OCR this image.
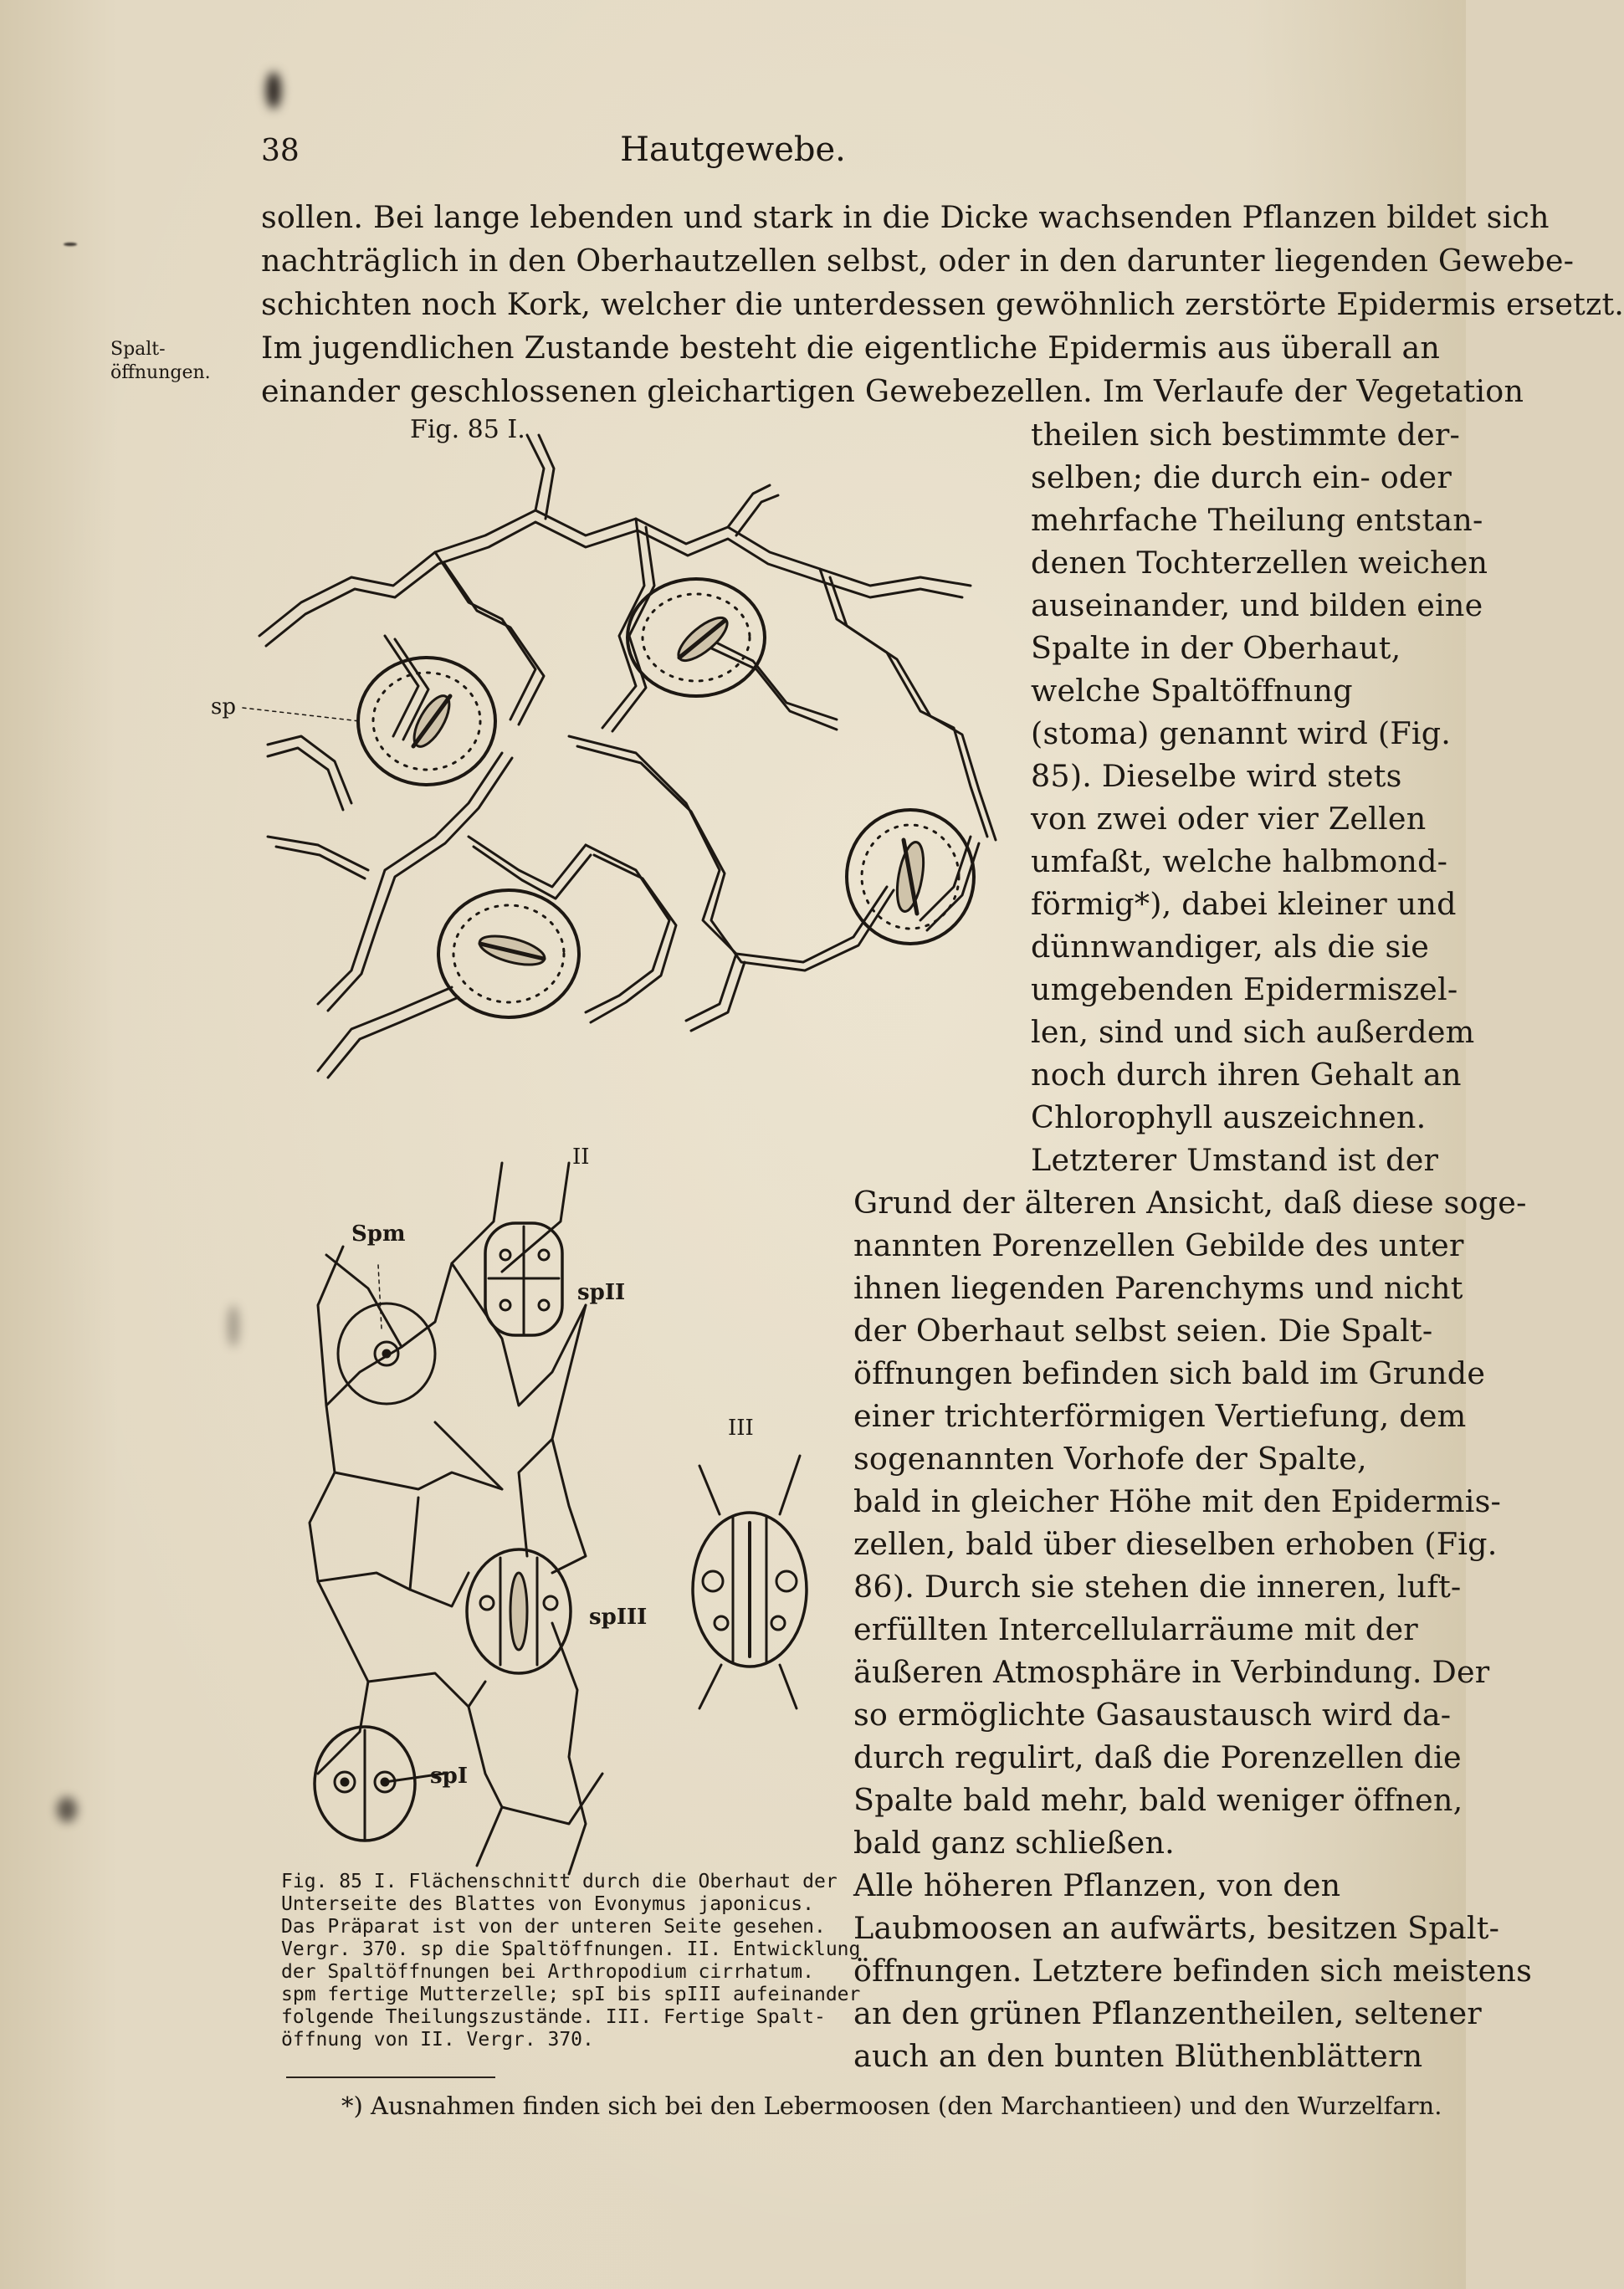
38	Hautgewebe.
Spalt-
öffnungen.
sollen. Bei lange lebenden und stark in die Dicke wachsenden Pflanzen bildet sich
nachträglich in den Oberhautzellen selbst, oder in den darunter liegenden Gewebe-
schichten noch Kork, welcher die unterdessen gewöhnlich zerstörte Epidermis ersetzt.
Im jugendlichen Zustande besteht die eigentliche Epidermis aus überall an
einander geschlossenen gleichartigen Gewebezellen. Im Verlaufe der Vegetation
theilen sich bestimmte der-
selben; die durch ein- oder
mehrfache Theilung entstan-
denen Tochterzellen weichen
auseinander, und bilden eine
Spalte in der Oberhaut,
welche Spaltöffnung
(stoma) genannt wird (Fig.
85). Dieselbe wird stets
von zwei oder vier Zellen
umfaßt, welche halbmond-
förmig*), dabei kleiner und
dünnwandiger, als die sie
umgebenden Epidermiszel-
len, sind und sich außerdem
noch durch ihren Gehalt an
Chlorophyll auszeichnen.
Letzterer Umstand ist der
Grund der älteren Ansicht, daß diese soge-
nannten Porenzellen Gebilde des unter
ihnen liegenden Parenchyms und nicht
der Oberhaut selbst seien. Die Spalt-
öffnungen befinden sich bald im Grunde
einer trichterförmigen Vertiefung, dem
sogenannten Vorhofe der Spalte,
bald in gleicher Höhe mit den Epidermis-
zellen, bald über dieselben erhoben (Fig.
86). Durch sie stehen die inneren, luft-
erfüllten Intercellularräume mit der
äußeren Atmosphäre in Verbindung. Der
so ermöglichte Gasaustausch wird da-
durch regulirt, daß die Porenzellen die
Spalte bald mehr, bald weniger öffnen,
bald ganz schließen.
Alle höheren Pflanzen, von den
Laubmoosen an aufwärts, besitzen Spalt-
öffnungen. Letztere befinden sich meistens
an den grünen Pflanzentheilen, seltener
auch an den bunten Blüthenblättern
Fig. 85 I.
sp
II
Spm
spII
III
spIII
spI
Fig. 85 I. Flächenschnitt durch die Oberhaut der
Unterseite des Blattes von Evonymus japonicus.
Das Präparat ist von der unteren Seite gesehen.
Vergr. 370. sp die Spaltöffnungen. II. Entwicklung
der Spaltöffnungen bei Arthropodium cirrhatum.
spm fertige Mutterzelle; spI bis spIII aufeinander
folgende Theilungszustände. III. Fertige Spalt-
öffnung von II. Vergr. 370.
*) Ausnahmen finden sich bei den Lebermoosen (den Marchantieen) und den Wurzelfarn.
